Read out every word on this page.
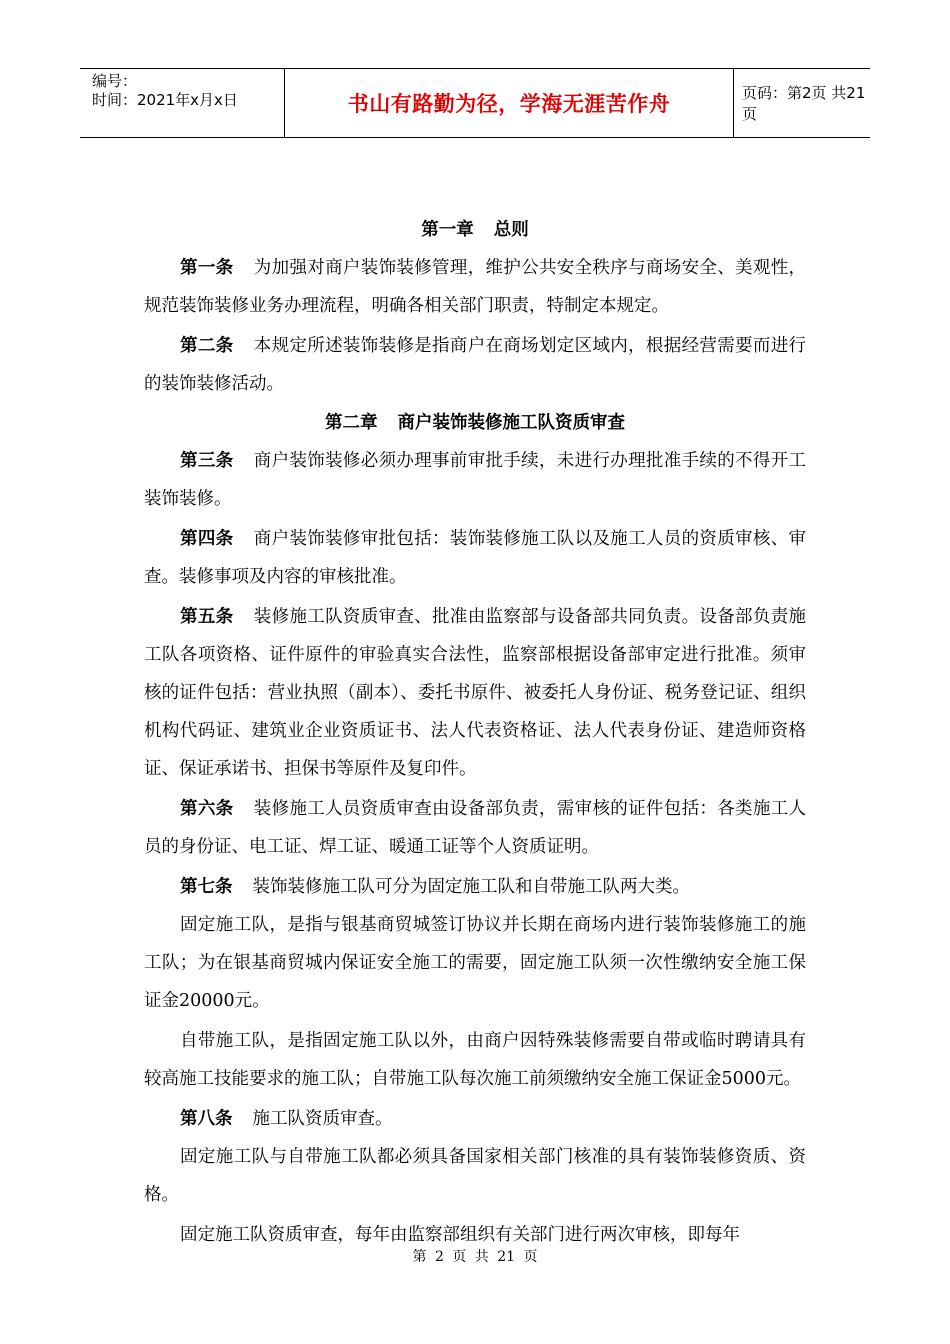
编号：
时间：2021年x月x日	书山有路勤为径，学海无涯苦作舟	页码：第2页 共21页
第一章 总则

第一条 为加强对商户装饰装修管理，维护公共安全秩序与商场安全、美观性，规范装饰装修业务办理流程，明确各相关部门职责，特制定本规定。

第二条 本规定所述装饰装修是指商户在商场划定区域内，根据经营需要而进行的装饰装修活动。

第二章 商户装饰装修施工队资质审查

第三条 商户装饰装修必须办理事前审批手续，未进行办理批准手续的不得开工装饰装修。

第四条 商户装饰装修审批包括：装饰装修施工队以及施工人员的资质审核、审查。装修事项及内容的审核批准。

第五条 装修施工队资质审查、批准由监察部与设备部共同负责。设备部负责施工队各项资格、证件原件的审验真实合法性，监察部根据设备部审定进行批准。须审核的证件包括：营业执照（副本）、委托书原件、被委托人身份证、税务登记证、组织机构代码证、建筑业企业资质证书、法人代表资格证、法人代表身份证、建造师资格证、保证承诺书、担保书等原件及复印件。

第六条 装修施工人员资质审查由设备部负责，需审核的证件包括：各类施工人员的身份证、电工证、焊工证、暖通工证等个人资质证明。

第七条 装饰装修施工队可分为固定施工队和自带施工队两大类。

固定施工队，是指与银基商贸城签订协议并长期在商场内进行装饰装修施工的施工队；为在银基商贸城内保证安全施工的需要，固定施工队须一次性缴纳安全施工保证金20000元。

自带施工队，是指固定施工队以外，由商户因特殊装修需要自带或临时聘请具有较高施工技能要求的施工队；自带施工队每次施工前须缴纳安全施工保证金5000元。

第八条 施工队资质审查。

固定施工队与自带施工队都必须具备国家相关部门核准的具有装饰装修资质、资格。

固定施工队资质审查，每年由监察部组织有关部门进行两次审核，即每年

第 2 页 共 21 页
